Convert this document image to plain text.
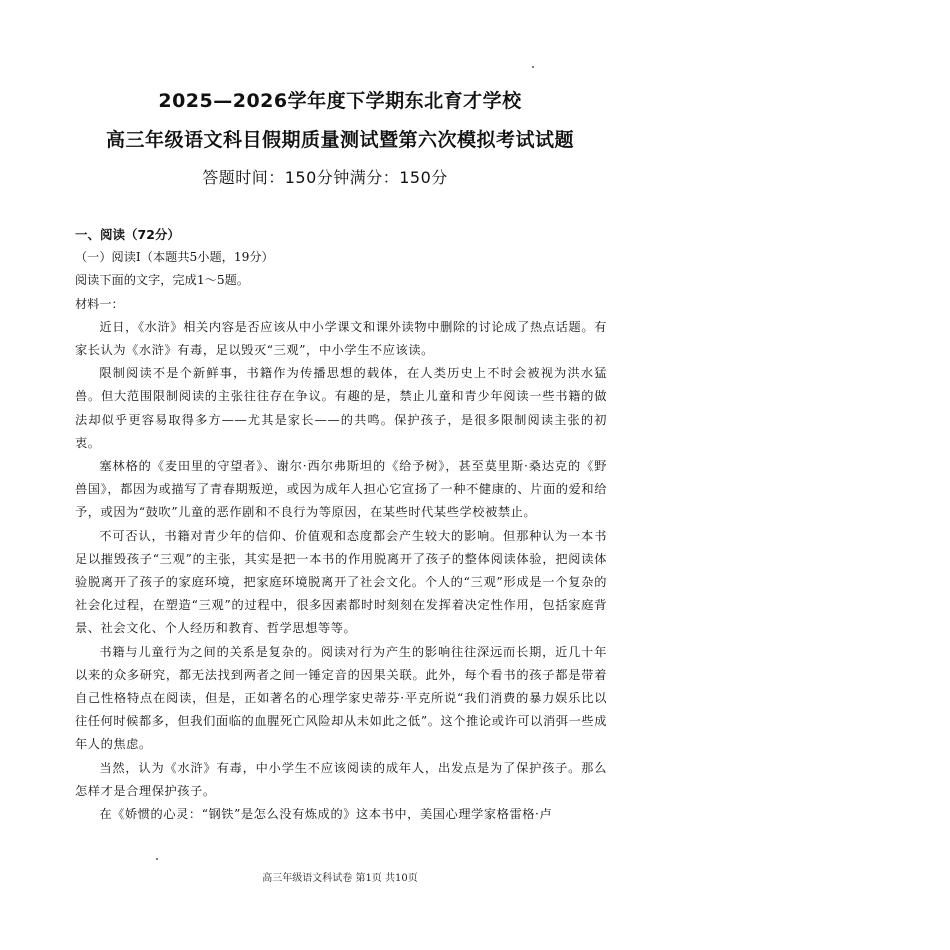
2025—2026学年度下学期东北育才学校
高三年级语文科目假期质量测试暨第六次模拟考试试题
答题时间：150分钟满分：150分
一、阅读（72分）
（一）阅读Ⅰ（本题共5小题，19分）
阅读下面的文字，完成1～5题。
材料一：
近日，《水浒》相关内容是否应该从中小学课文和课外读物中删除的讨论成了热点话题。有家长认为《水浒》有毒，足以毁灭“三观”，中小学生不应该读。
限制阅读不是个新鲜事，书籍作为传播思想的载体，在人类历史上不时会被视为洪水猛兽。但大范围限制阅读的主张往往存在争议。有趣的是，禁止儿童和青少年阅读一些书籍的做法却似乎更容易取得多方——尤其是家长——的共鸣。保护孩子，是很多限制阅读主张的初衷。
塞林格的《麦田里的守望者》、谢尔·西尔弗斯坦的《给予树》，甚至莫里斯·桑达克的《野兽国》，都因为或描写了青春期叛逆，或因为成年人担心它宣扬了一种不健康的、片面的爱和给予，或因为“鼓吹”儿童的恶作剧和不良行为等原因，在某些时代某些学校被禁止。
不可否认，书籍对青少年的信仰、价值观和态度都会产生较大的影响。但那种认为一本书足以摧毁孩子“三观”的主张，其实是把一本书的作用脱离开了孩子的整体阅读体验，把阅读体验脱离开了孩子的家庭环境，把家庭环境脱离开了社会文化。个人的“三观”形成是一个复杂的社会化过程，在塑造“三观”的过程中，很多因素都时时刻刻在发挥着决定性作用，包括家庭背景、社会文化、个人经历和教育、哲学思想等等。
书籍与儿童行为之间的关系是复杂的。阅读对行为产生的影响往往深远而长期，近几十年以来的众多研究，都无法找到两者之间一锤定音的因果关联。此外，每个看书的孩子都是带着自己性格特点在阅读，但是，正如著名的心理学家史蒂芬·平克所说“我们消费的暴力娱乐比以往任何时候都多，但我们面临的血腥死亡风险却从未如此之低”。这个推论或许可以消弭一些成年人的焦虑。
当然，认为《水浒》有毒，中小学生不应该阅读的成年人，出发点是为了保护孩子。那么怎样才是合理保护孩子。
在《娇惯的心灵：“钢铁”是怎么没有炼成的》这本书中，美国心理学家格雷格·卢
高三年级语文科试卷 第1页 共10页
